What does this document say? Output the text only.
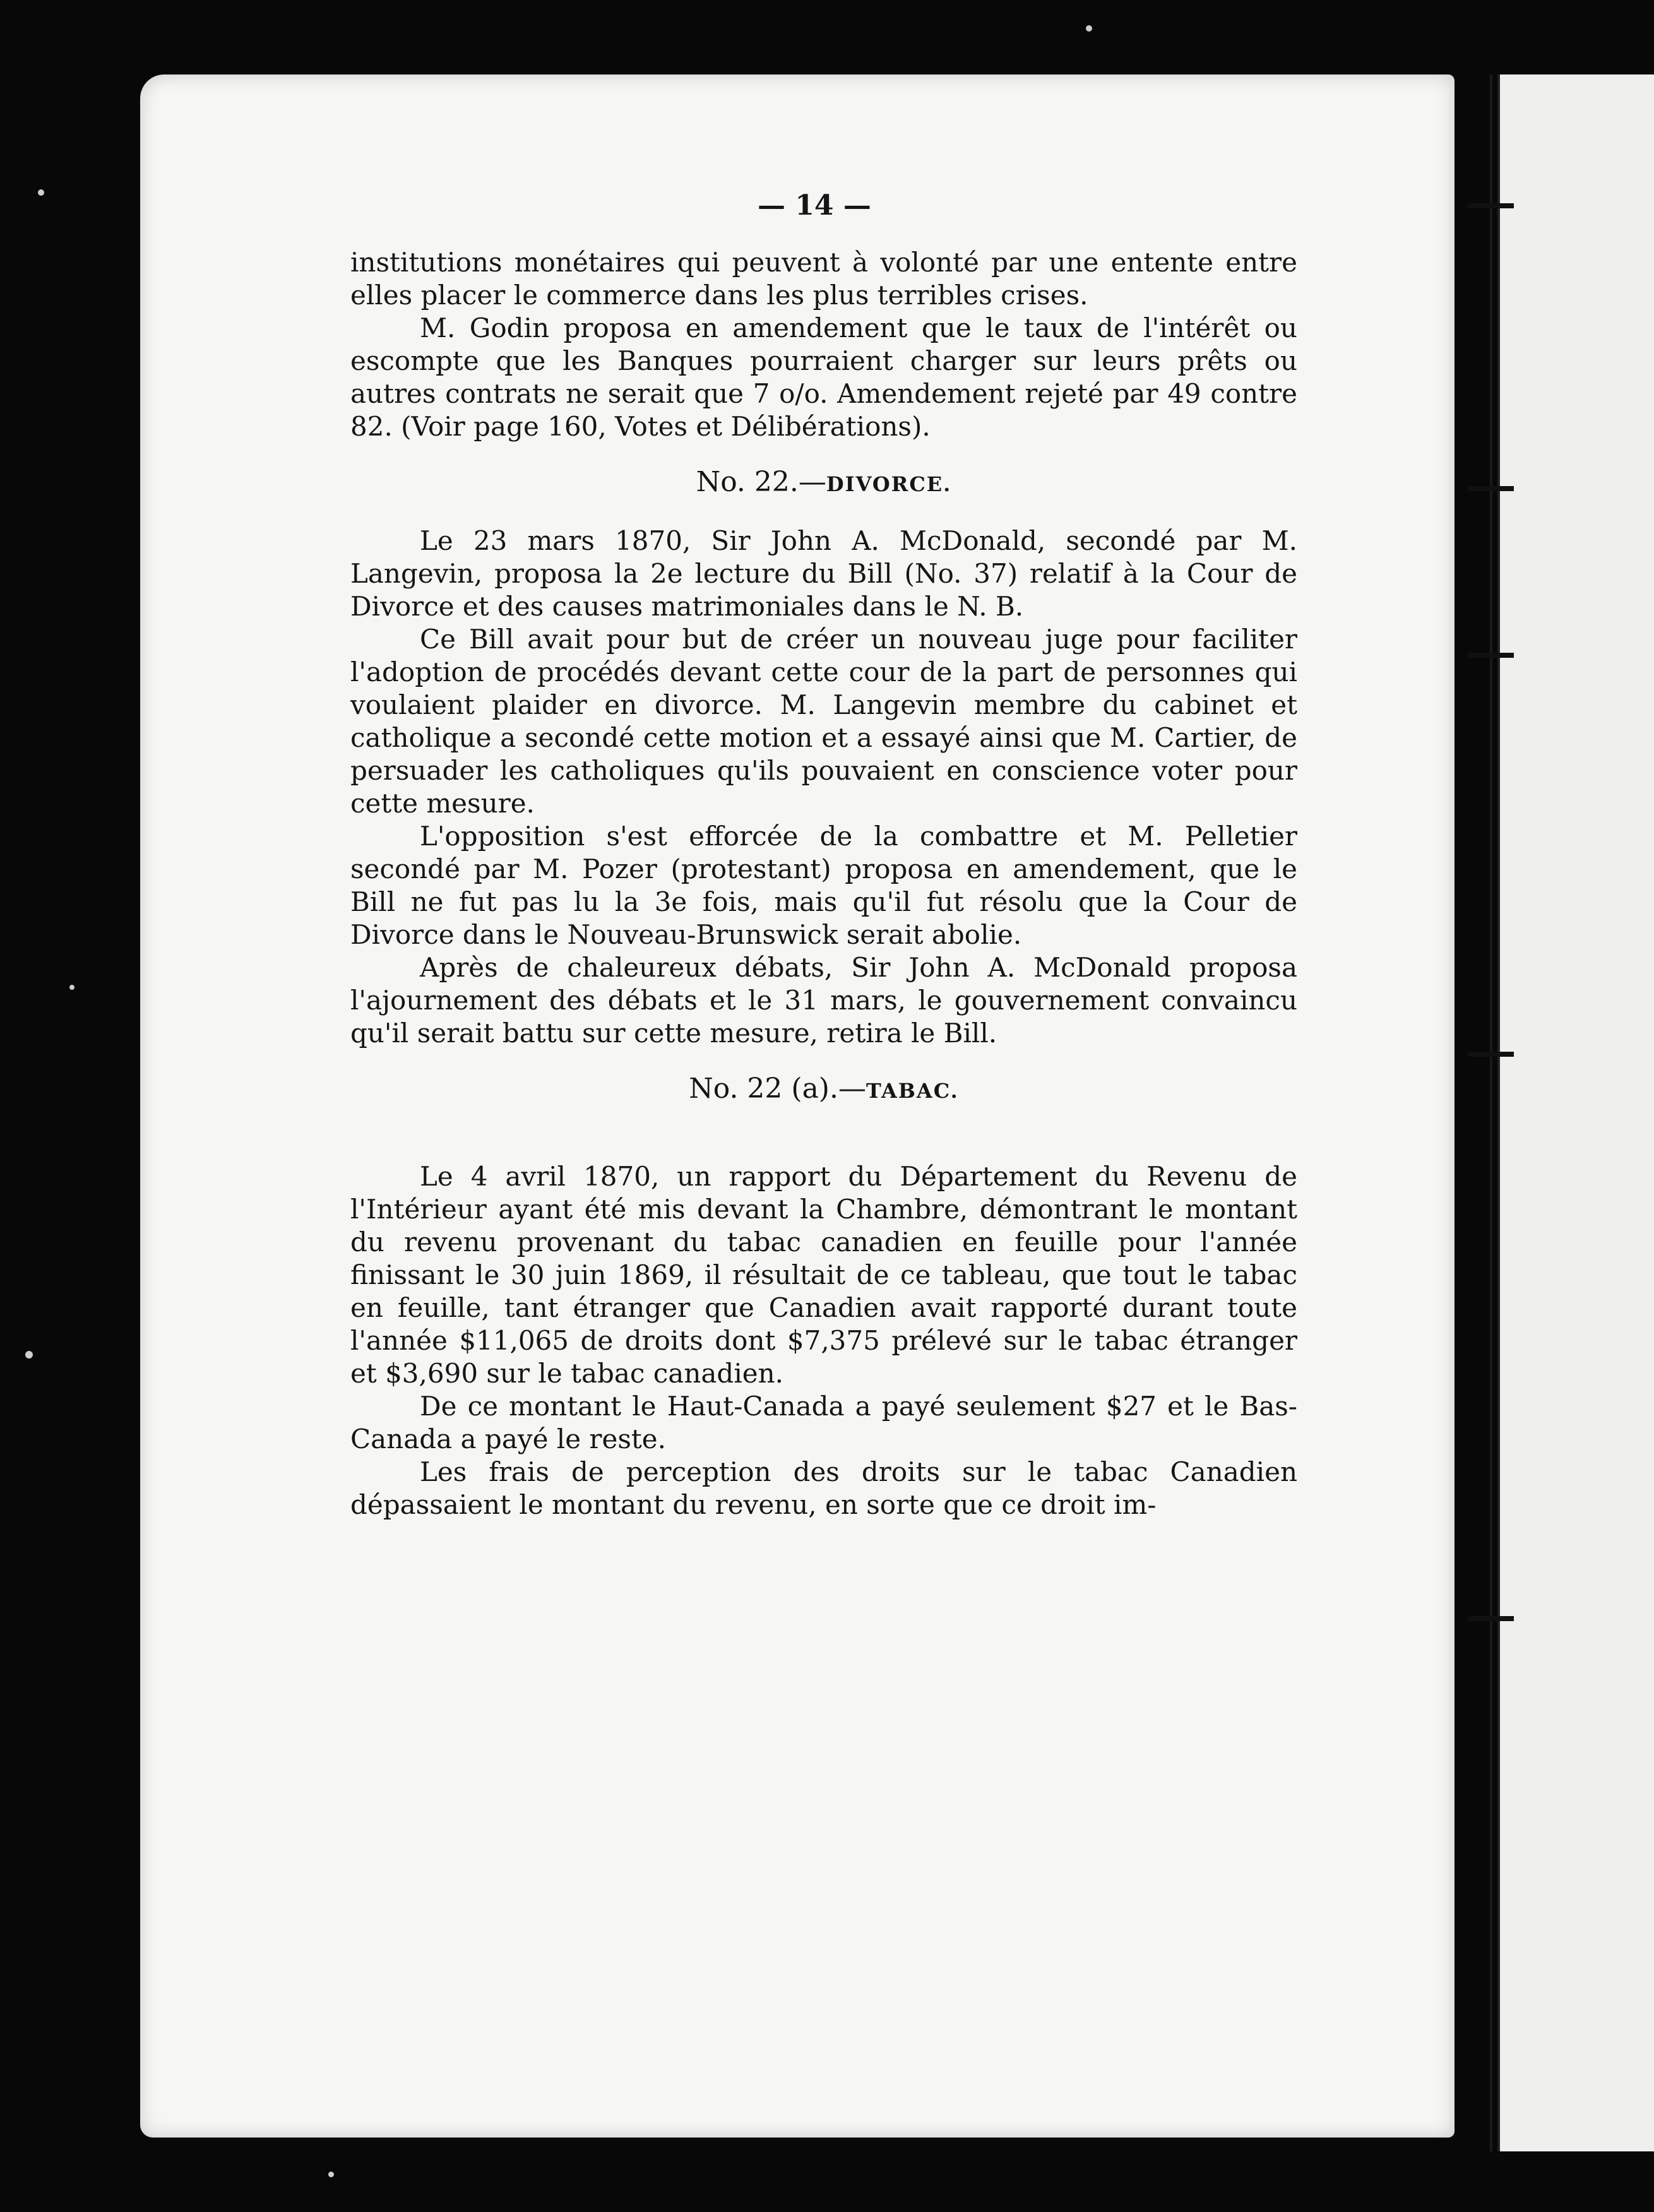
— 14 —

institutions monétaires qui peuvent à volonté par une entente entre elles placer le commerce dans les plus terribles crises.

M. Godin proposa en amendement que le taux de l'intérêt ou escompte que les Banques pourraient charger sur leurs prêts ou autres contrats ne serait que 7 o/o. Amendement rejeté par 49 contre 82. (Voir page 160, Votes et Délibérations).

No. 22.—DIVORCE.

Le 23 mars 1870, Sir John A. McDonald, secondé par M. Langevin, proposa la 2e lecture du Bill (No. 37) relatif à la Cour de Divorce et des causes matrimoniales dans le N. B.

Ce Bill avait pour but de créer un nouveau juge pour faciliter l'adoption de procédés devant cette cour de la part de personnes qui voulaient plaider en divorce. M. Langevin membre du cabinet et catholique a secondé cette motion et a essayé ainsi que M. Cartier, de persuader les catholiques qu'ils pouvaient en conscience voter pour cette mesure.

L'opposition s'est efforcée de la combattre et M. Pelletier secondé par M. Pozer (protestant) proposa en amendement, que le Bill ne fut pas lu la 3e fois, mais qu'il fut résolu que la Cour de Divorce dans le Nouveau-Brunswick serait abolie.

Après de chaleureux débats, Sir John A. McDonald proposa l'ajournement des débats et le 31 mars, le gouvernement convaincu qu'il serait battu sur cette mesure, retira le Bill.

No. 22 (a).—TABAC.

Le 4 avril 1870, un rapport du Département du Revenu de l'Intérieur ayant été mis devant la Chambre, démontrant le montant du revenu provenant du tabac canadien en feuille pour l'année finissant le 30 juin 1869, il résultait de ce tableau, que tout le tabac en feuille, tant étranger que Canadien avait rapporté durant toute l'année $11,065 de droits dont $7,375 prélevé sur le tabac étranger et $3,690 sur le tabac canadien.

De ce montant le Haut-Canada a payé seulement $27 et le Bas-Canada a payé le reste.

Les frais de perception des droits sur le tabac Canadien dépassaient le montant du revenu, en sorte que ce droit im-
